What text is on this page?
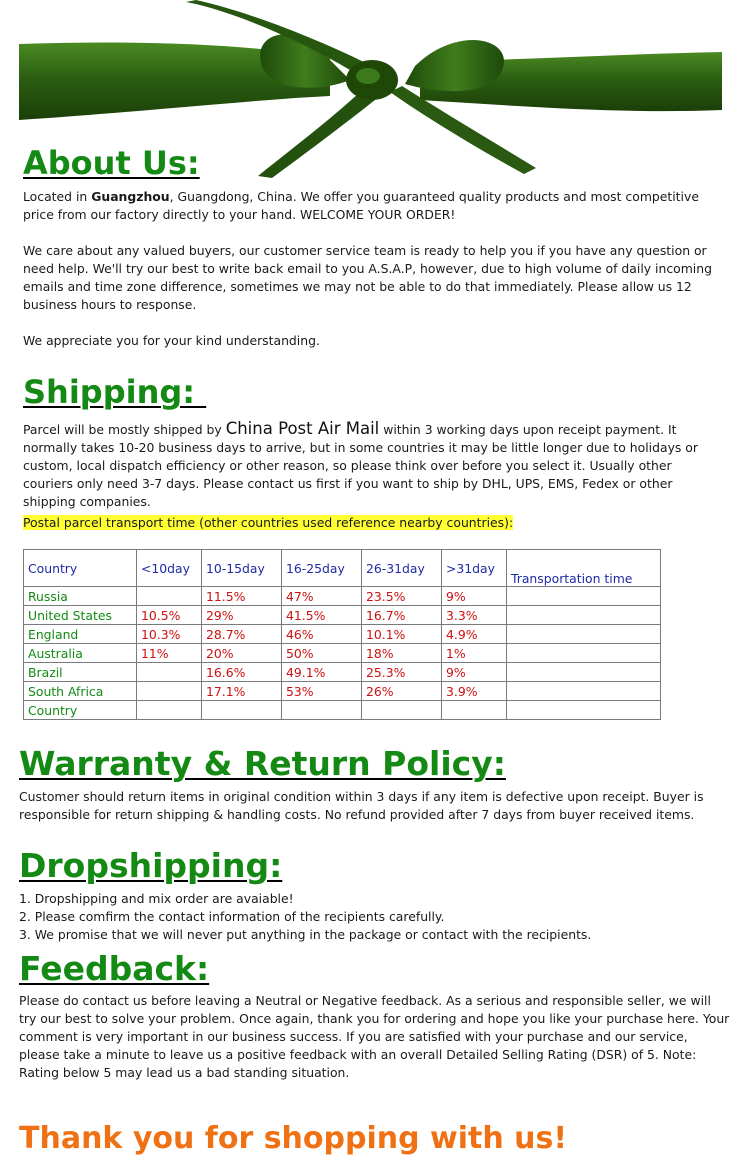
About Us:

Located in Guangzhou, Guangdong, China. We offer you guaranteed quality products and most competitive price from our factory directly to your hand. WELCOME YOUR ORDER!

We care about any valued buyers, our customer service team is ready to help you if you have any question or need help. We'll try our best to write back email to you A.S.A.P, however, due to high volume of daily incoming emails and time zone difference, sometimes we may not be able to do that immediately. Please allow us 12 business hours to response.

We appreciate you for your kind understanding.

Shipping:

Parcel will be mostly shipped by China Post Air Mail within 3 working days upon receipt payment. It normally takes 10-20 business days to arrive, but in some countries it may be little longer due to holidays or custom, local dispatch efficiency or other reason, so please think over before you select it. Usually other couriers only need 3-7 days. Please contact us first if you want to ship by DHL, UPS, EMS, Fedex or other shipping companies.

Postal parcel transport time (other countries used reference nearby countries):

Country	<10day	10-15day	16-25day	26-31day	>31day	Transportation time
Russia		11.5%	47%	23.5%	9%	
United States	10.5%	29%	41.5%	16.7%	3.3%	
England	10.3%	28.7%	46%	10.1%	4.9%	
Australia	11%	20%	50%	18%	1%	
Brazil		16.6%	49.1%	25.3%	9%	
South Africa		17.1%	53%	26%	3.9%	
Country						
Warranty & Return Policy:

Customer should return items in original condition within 3 days if any item is defective upon receipt. Buyer is responsible for return shipping & handling costs. No refund provided after 7 days from buyer received items.

Dropshipping:
1. Dropshipping and mix order are avaiable!
2. Please comfirm the contact information of the recipients carefully.
3. We promise that we will never put anything in the package or contact with the recipients.
Feedback:

Please do contact us before leaving a Neutral or Negative feedback. As a serious and responsible seller, we will try our best to solve your problem. Once again, thank you for ordering and hope you like your purchase here. Your comment is very important in our business success. If you are satisfied with your purchase and our service, please take a minute to leave us a positive feedback with an overall Detailed Selling Rating (DSR) of 5. Note: Rating below 5 may lead us a bad standing situation.

Thank you for shopping with us!
